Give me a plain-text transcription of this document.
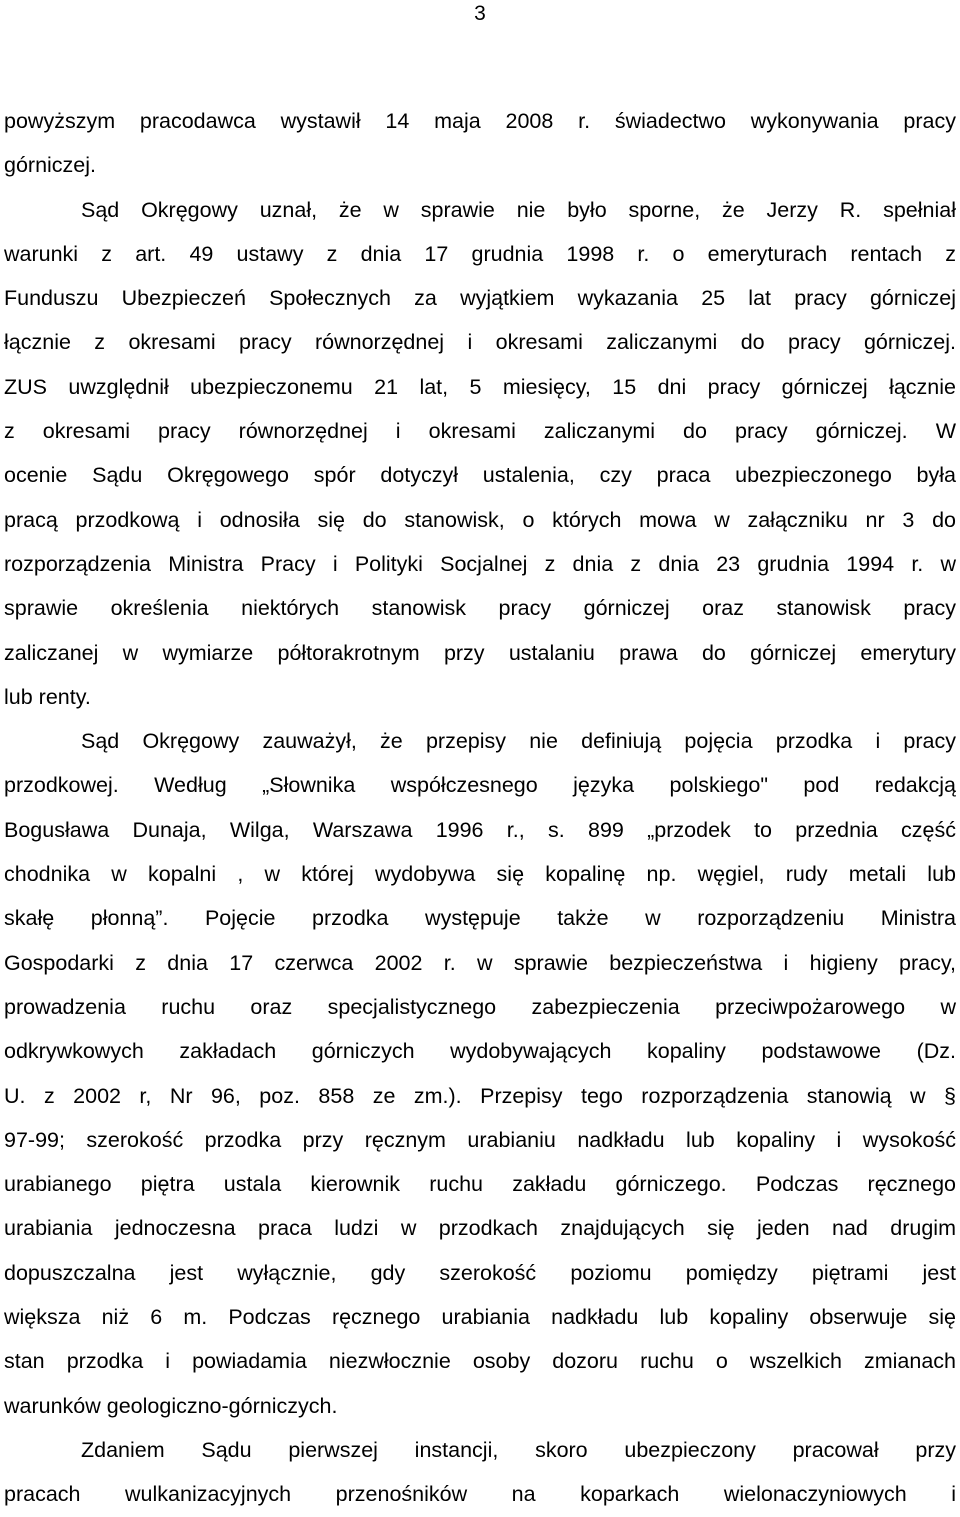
3
powyższym pracodawca wystawił 14 maja 2008 r. świadectwo wykonywania pracy
górniczej.
Sąd Okręgowy uznał, że w sprawie nie było sporne, że Jerzy R. spełniał
warunki z art. 49 ustawy z dnia 17 grudnia 1998 r. o emeryturach rentach z
Funduszu Ubezpieczeń Społecznych za wyjątkiem wykazania 25 lat pracy górniczej
łącznie z okresami pracy równorzędnej i okresami zaliczanymi do pracy górniczej.
ZUS uwzględnił ubezpieczonemu 21 lat, 5 miesięcy, 15 dni pracy górniczej łącznie
z okresami pracy równorzędnej i okresami zaliczanymi do pracy górniczej. W
ocenie Sądu Okręgowego spór dotyczył ustalenia, czy praca ubezpieczonego była
pracą przodkową i odnosiła się do stanowisk, o których mowa w załączniku nr 3 do
rozporządzenia Ministra Pracy i Polityki Socjalnej z dnia z dnia 23 grudnia 1994 r. w
sprawie określenia niektórych stanowisk pracy górniczej oraz stanowisk pracy
zaliczanej w wymiarze półtorakrotnym przy ustalaniu prawa do górniczej emerytury
lub renty.
Sąd Okręgowy zauważył, że przepisy nie definiują pojęcia przodka i pracy
przodkowej. Według „Słownika współczesnego języka polskiego" pod redakcją
Bogusława Dunaja, Wilga, Warszawa 1996 r., s. 899 „przodek to przednia część
chodnika w kopalni , w której wydobywa się kopalinę np. węgiel, rudy metali lub
skałę płonną”. Pojęcie przodka występuje także w rozporządzeniu Ministra
Gospodarki z dnia 17 czerwca 2002 r. w sprawie bezpieczeństwa i higieny pracy,
prowadzenia ruchu oraz specjalistycznego zabezpieczenia przeciwpożarowego w
odkrywkowych zakładach górniczych wydobywających kopaliny podstawowe (Dz.
U. z 2002 r, Nr 96, poz. 858 ze zm.). Przepisy tego rozporządzenia stanowią w §
97-99; szerokość przodka przy ręcznym urabianiu nadkładu lub kopaliny i wysokość
urabianego piętra ustala kierownik ruchu zakładu górniczego. Podczas ręcznego
urabiania jednoczesna praca ludzi w przodkach znajdujących się jeden nad drugim
dopuszczalna jest wyłącznie, gdy szerokość poziomu pomiędzy piętrami jest
większa niż 6 m. Podczas ręcznego urabiania nadkładu lub kopaliny obserwuje się
stan przodka i powiadamia niezwłocznie osoby dozoru ruchu o wszelkich zmianach
warunków geologiczno-górniczych.
Zdaniem Sądu pierwszej instancji, skoro ubezpieczony pracował przy
pracach wulkanizacyjnych przenośników na koparkach wielonaczyniowych i
